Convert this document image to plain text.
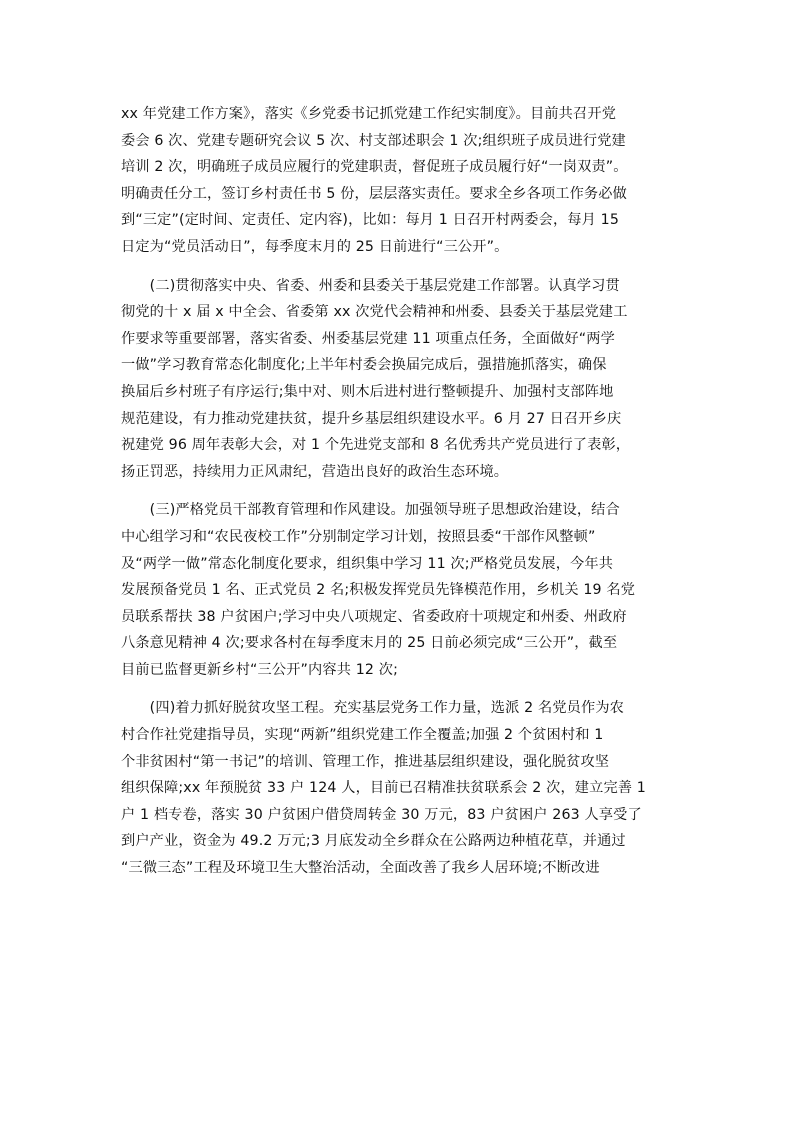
xx 年党建工作方案》，落实《乡党委书记抓党建工作纪实制度》。目前共召开党
委会 6 次、党建专题研究会议 5 次、村支部述职会 1 次;组织班子成员进行党建
培训 2 次，明确班子成员应履行的党建职责，督促班子成员履行好“一岗双责”。
明确责任分工，签订乡村责任书 5 份，层层落实责任。要求全乡各项工作务必做
到“三定”(定时间、定责任、定内容)，比如：每月 1 日召开村两委会，每月 15
日定为“党员活动日”，每季度末月的 25 日前进行“三公开”。
　　(二)贯彻落实中央、省委、州委和县委关于基层党建工作部署。认真学习贯
彻党的十 x 届 x 中全会、省委第 xx 次党代会精神和州委、县委关于基层党建工
作要求等重要部署，落实省委、州委基层党建 11 项重点任务，全面做好“两学
一做”学习教育常态化制度化;上半年村委会换届完成后，强措施抓落实，确保
换届后乡村班子有序运行;集中对、则木后进村进行整顿提升、加强村支部阵地
规范建设，有力推动党建扶贫，提升乡基层组织建设水平。6 月 27 日召开乡庆
祝建党 96 周年表彰大会，对 1 个先进党支部和 8 名优秀共产党员进行了表彰，
扬正罚恶，持续用力正风肃纪，营造出良好的政治生态环境。
　　(三)严格党员干部教育管理和作风建设。加强领导班子思想政治建设，结合
中心组学习和“农民夜校工作”分别制定学习计划，按照县委“干部作风整顿”
及“两学一做”常态化制度化要求，组织集中学习 11 次;严格党员发展，今年共
发展预备党员 1 名、正式党员 2 名;积极发挥党员先锋模范作用，乡机关 19 名党
员联系帮扶 38 户贫困户;学习中央八项规定、省委政府十项规定和州委、州政府
八条意见精神 4 次;要求各村在每季度末月的 25 日前必须完成“三公开”，截至
目前已监督更新乡村“三公开”内容共 12 次;
　　(四)着力抓好脱贫攻坚工程。充实基层党务工作力量，选派 2 名党员作为农
村合作社党建指导员，实现“两新”组织党建工作全覆盖;加强 2 个贫困村和 1
个非贫困村“第一书记”的培训、管理工作，推进基层组织建设，强化脱贫攻坚
组织保障;xx 年预脱贫 33 户 124 人，目前已召精准扶贫联系会 2 次，建立完善 1
户 1 档专卷，落实 30 户贫困户借贷周转金 30 万元，83 户贫困户 263 人享受了
到户产业，资金为 49.2 万元;3 月底发动全乡群众在公路两边种植花草，并通过
“三微三态”工程及环境卫生大整治活动，全面改善了我乡人居环境;不断改进
